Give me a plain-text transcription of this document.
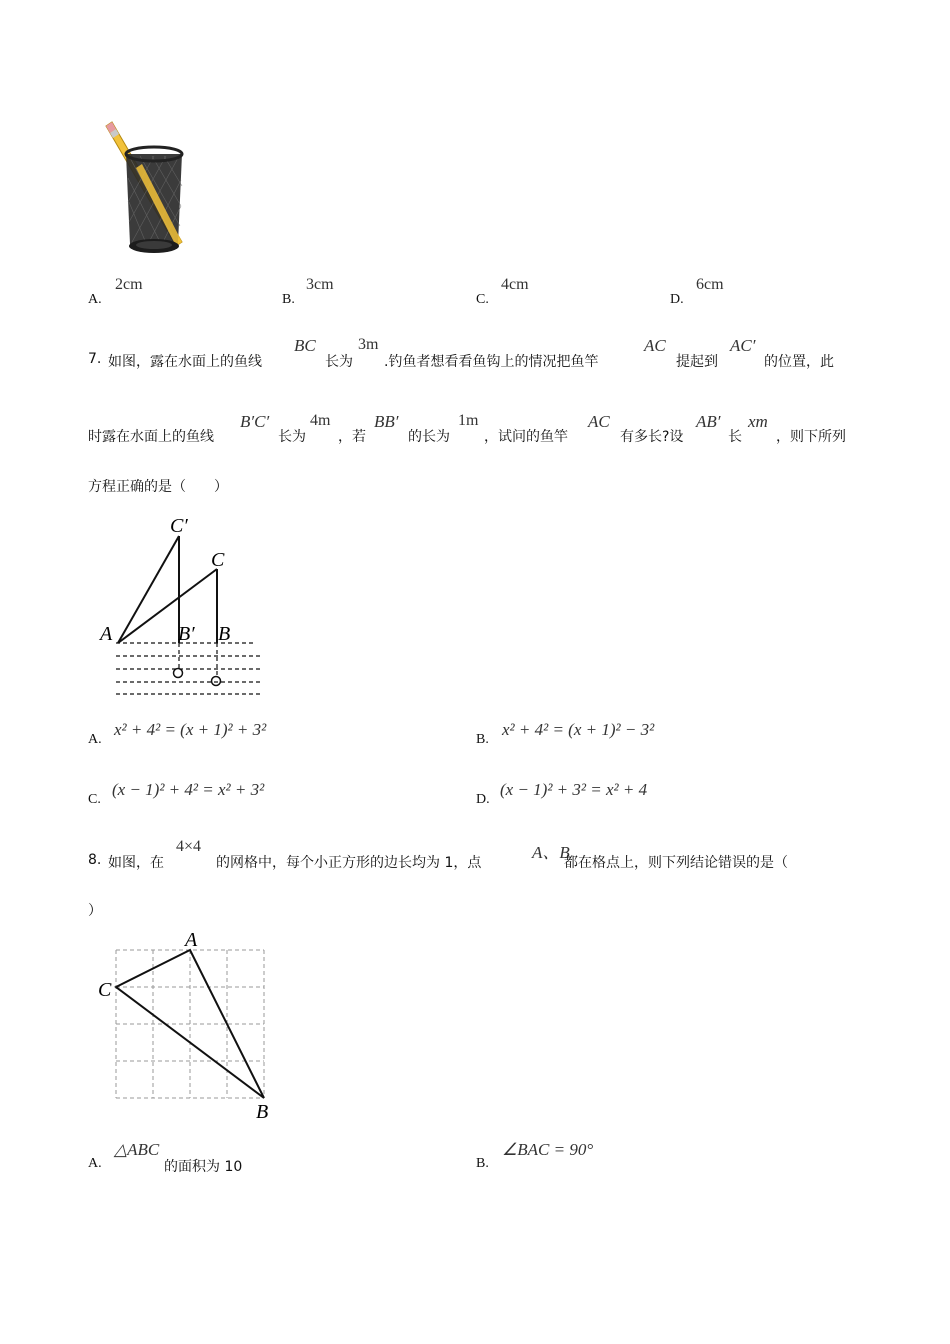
A.
2cm
B.
3cm
C.
4cm
D.
6cm
7. 如图，露在水面上的鱼线
BC
长为
3m
.钓鱼者想看看鱼钩上的情况把鱼竿
AC
提起到
AC′
的位置，此
时露在水面上的鱼线
B′C′
长为
4m
，若
BB′
的长为
1m
，试问的鱼竿
AC
有多长?设
AB′
长
xm
，则下所列
方程正确的是（　　）
C′
C
A	B′ B
A.
x² + 4² = (x + 1)² + 3²
B.
x² + 4² = (x + 1)² − 3²
C.
(x − 1)² + 4² = x² + 3²
D.
(x − 1)² + 3² = x² + 4
8. 如图，在
4×4
的网格中，每个小正方形的边长均为 1，点
A、B
都在格点上，则下列结论错误的是（
）
A
C
B
A.
△ABC
的面积为 10	B.
∠BAC = 90°
